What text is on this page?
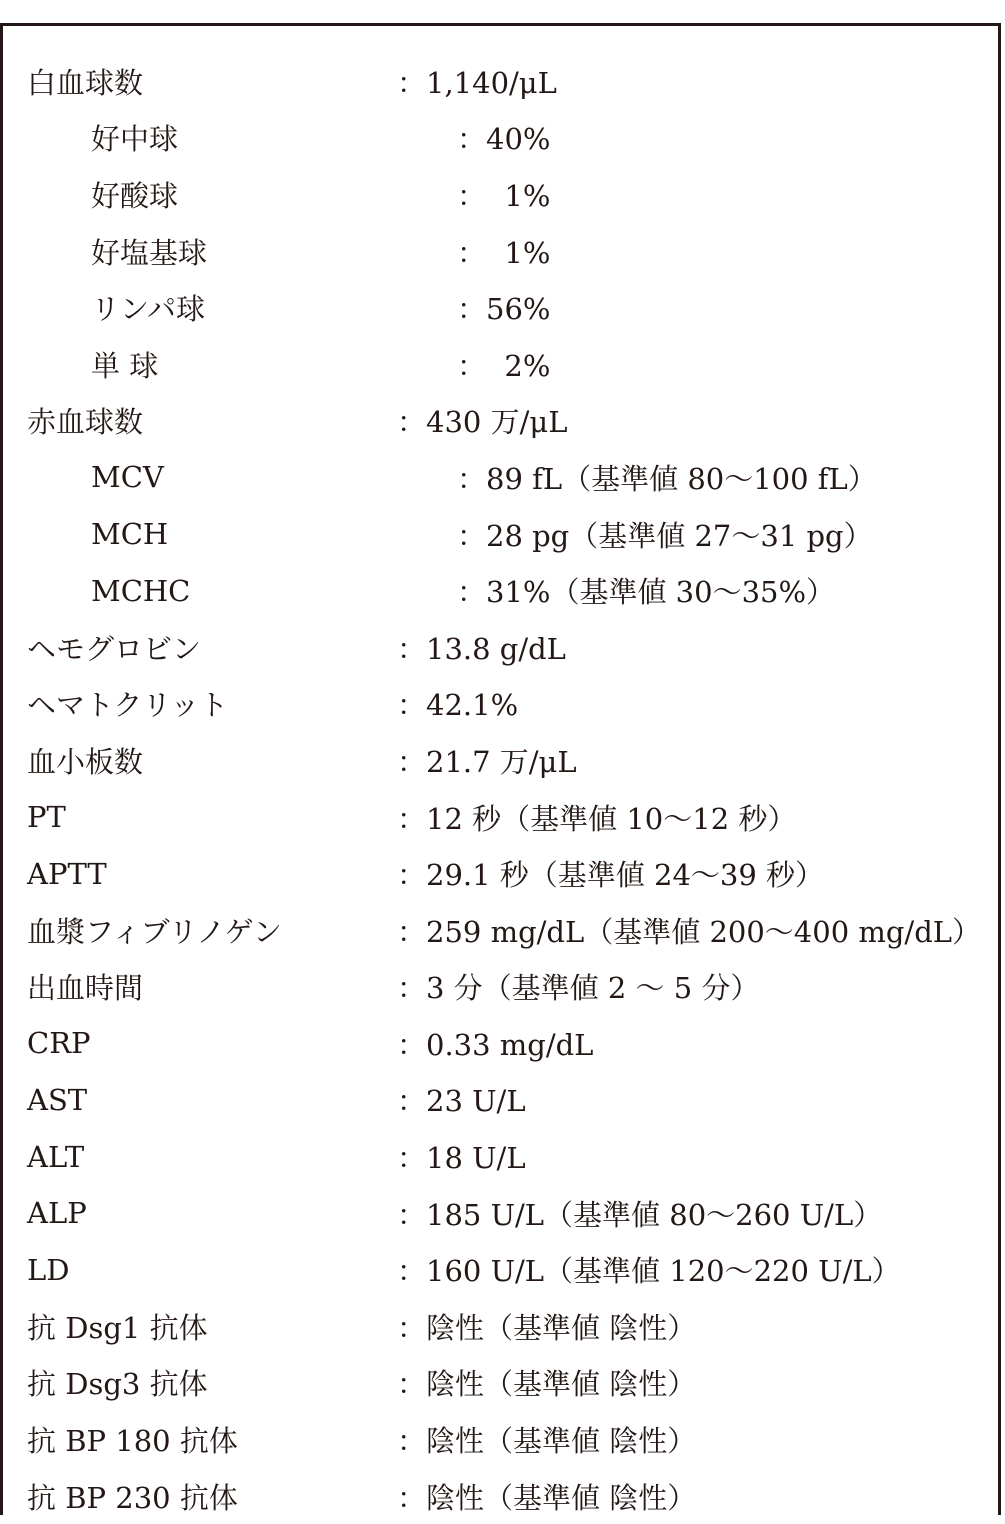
白血球数	：1,140/μL
好中球	：40%
好酸球	：  1%
好塩基球	：  1%
リンパ球	：56%
単 球	：  2%
赤血球数	：430 万/μL
MCV	：89 fL（基準値 80～100 fL）
MCH	：28 pg（基準値 27～31 pg）
MCHC	：31%（基準値 30～35%）
ヘモグロビン	：13.8 g/dL
ヘマトクリット	：42.1%
血小板数	：21.7 万/μL
PT	：12 秒（基準値 10～12 秒）
APTT	：29.1 秒（基準値 24～39 秒）
血漿フィブリノゲン	：259 mg/dL（基準値 200～400 mg/dL）
出血時間	：3 分（基準値 2 ～ 5 分）
CRP	：0.33 mg/dL
AST	：23 U/L
ALT	：18 U/L
ALP	：185 U/L（基準値 80～260 U/L）
LD	：160 U/L（基準値 120～220 U/L）
抗 Dsg1 抗体	：陰性（基準値 陰性）
抗 Dsg3 抗体	：陰性（基準値 陰性）
抗 BP 180 抗体	：陰性（基準値 陰性）
抗 BP 230 抗体	：陰性（基準値 陰性）
